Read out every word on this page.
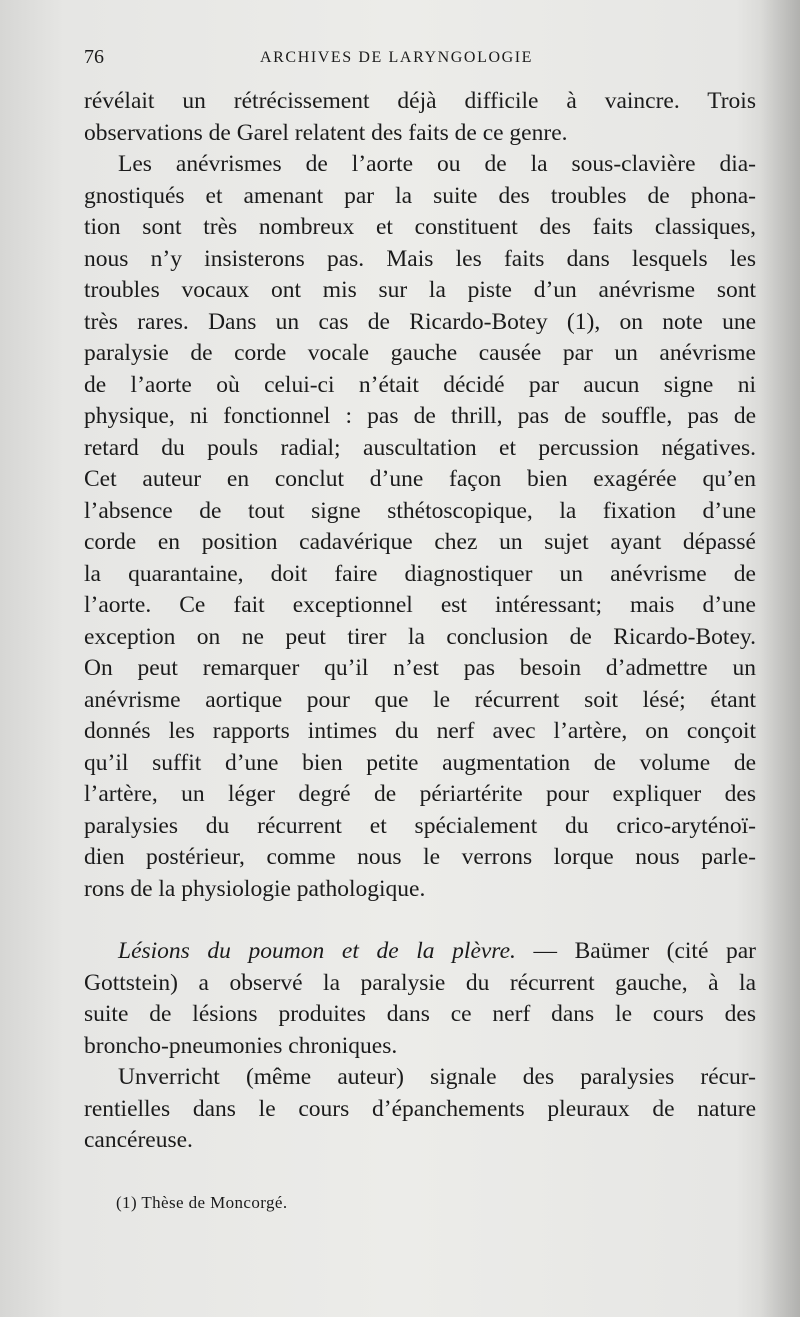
76	ARCHIVES DE LARYNGOLOGIE
révélait un rétrécissement déjà difficile à vaincre. Trois
observations de Garel relatent des faits de ce genre.
Les anévrismes de l’aorte ou de la sous-clavière dia-
gnostiqués et amenant par la suite des troubles de phona-
tion sont très nombreux et constituent des faits classiques,
nous n’y insisterons pas. Mais les faits dans lesquels les
troubles vocaux ont mis sur la piste d’un anévrisme sont
très rares. Dans un cas de Ricardo-Botey (1), on note une
paralysie de corde vocale gauche causée par un anévrisme
de l’aorte où celui-ci n’était décidé par aucun signe ni
physique, ni fonctionnel : pas de thrill, pas de souffle, pas de
retard du pouls radial; auscultation et percussion négatives.
Cet auteur en conclut d’une façon bien exagérée qu’en
l’absence de tout signe sthétoscopique, la fixation d’une
corde en position cadavérique chez un sujet ayant dépassé
la quarantaine, doit faire diagnostiquer un anévrisme de
l’aorte. Ce fait exceptionnel est intéressant; mais d’une
exception on ne peut tirer la conclusion de Ricardo-Botey.
On peut remarquer qu’il n’est pas besoin d’admettre un
anévrisme aortique pour que le récurrent soit lésé; étant
donnés les rapports intimes du nerf avec l’artère, on conçoit
qu’il suffit d’une bien petite augmentation de volume de
l’artère, un léger degré de périartérite pour expliquer des
paralysies du récurrent et spécialement du crico-aryténoï-
dien postérieur, comme nous le verrons lorque nous parle-
rons de la physiologie pathologique.
Lésions du poumon et de la plèvre. — Baümer (cité par
Gottstein) a observé la paralysie du récurrent gauche, à la
suite de lésions produites dans ce nerf dans le cours des
broncho-pneumonies chroniques.
Unverricht (même auteur) signale des paralysies récur-
rentielles dans le cours d’épanchements pleuraux de nature
cancéreuse.
(1) Thèse de Moncorgé.
